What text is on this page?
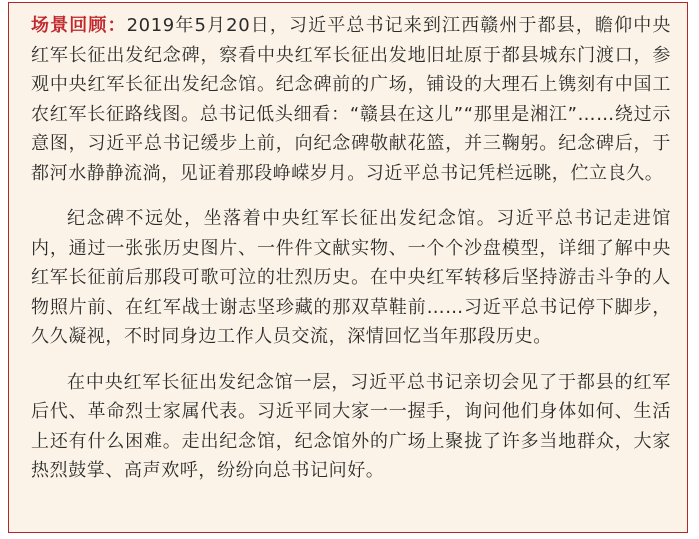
场景回顾：2019年5月20日，习近平总书记来到江西赣州于都县，瞻仰中央红军长征出发纪念碑，察看中央红军长征出发地旧址原于都县城东门渡口，参观中央红军长征出发纪念馆。纪念碑前的广场，铺设的大理石上镌刻有中国工农红军长征路线图。总书记低头细看：“赣县在这儿”“那里是湘江”……绕过示意图，习近平总书记缓步上前，向纪念碑敬献花篮，并三鞠躬。纪念碑后，于都河水静静流淌，见证着那段峥嵘岁月。习近平总书记凭栏远眺，伫立良久。

纪念碑不远处，坐落着中央红军长征出发纪念馆。习近平总书记走进馆内，通过一张张历史图片、一件件文献实物、一个个沙盘模型，详细了解中央红军长征前后那段可歌可泣的壮烈历史。在中央红军转移后坚持游击斗争的人物照片前、在红军战士谢志坚珍藏的那双草鞋前……习近平总书记停下脚步，久久凝视，不时同身边工作人员交流，深情回忆当年那段历史。

在中央红军长征出发纪念馆一层，习近平总书记亲切会见了于都县的红军后代、革命烈士家属代表。习近平同大家一一握手，询问他们身体如何、生活上还有什么困难。走出纪念馆，纪念馆外的广场上聚拢了许多当地群众，大家热烈鼓掌、高声欢呼，纷纷向总书记问好。
